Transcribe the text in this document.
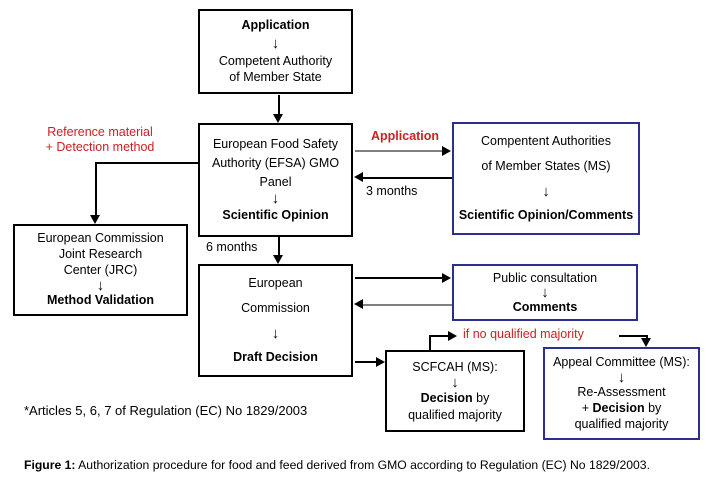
Application
↓
Competent Authority
of Member State
European Food Safety
Authority (EFSA) GMO
Panel
↓
Scientific Opinion
Compentent Authorities
of Member States (MS)
↓
Scientific Opinion/Comments
European Commission
Joint Research
Center (JRC)
↓
Method Validation
European
Commission
↓
Draft Decision
Public consultation
↓
Comments
SCFCAH (MS):
↓
Decision by
qualified majority
Appeal Committee (MS):
↓
Re-Assessment
+ Decision by
qualified majority
Application
3 months
Reference material
+ Detection method
6 months
if no qualified majority
*Articles 5, 6, 7 of Regulation (EC) No 1829/2003
Figure 1: Authorization procedure for food and feed derived from GMO according to Regulation (EC) No 1829/2003.
